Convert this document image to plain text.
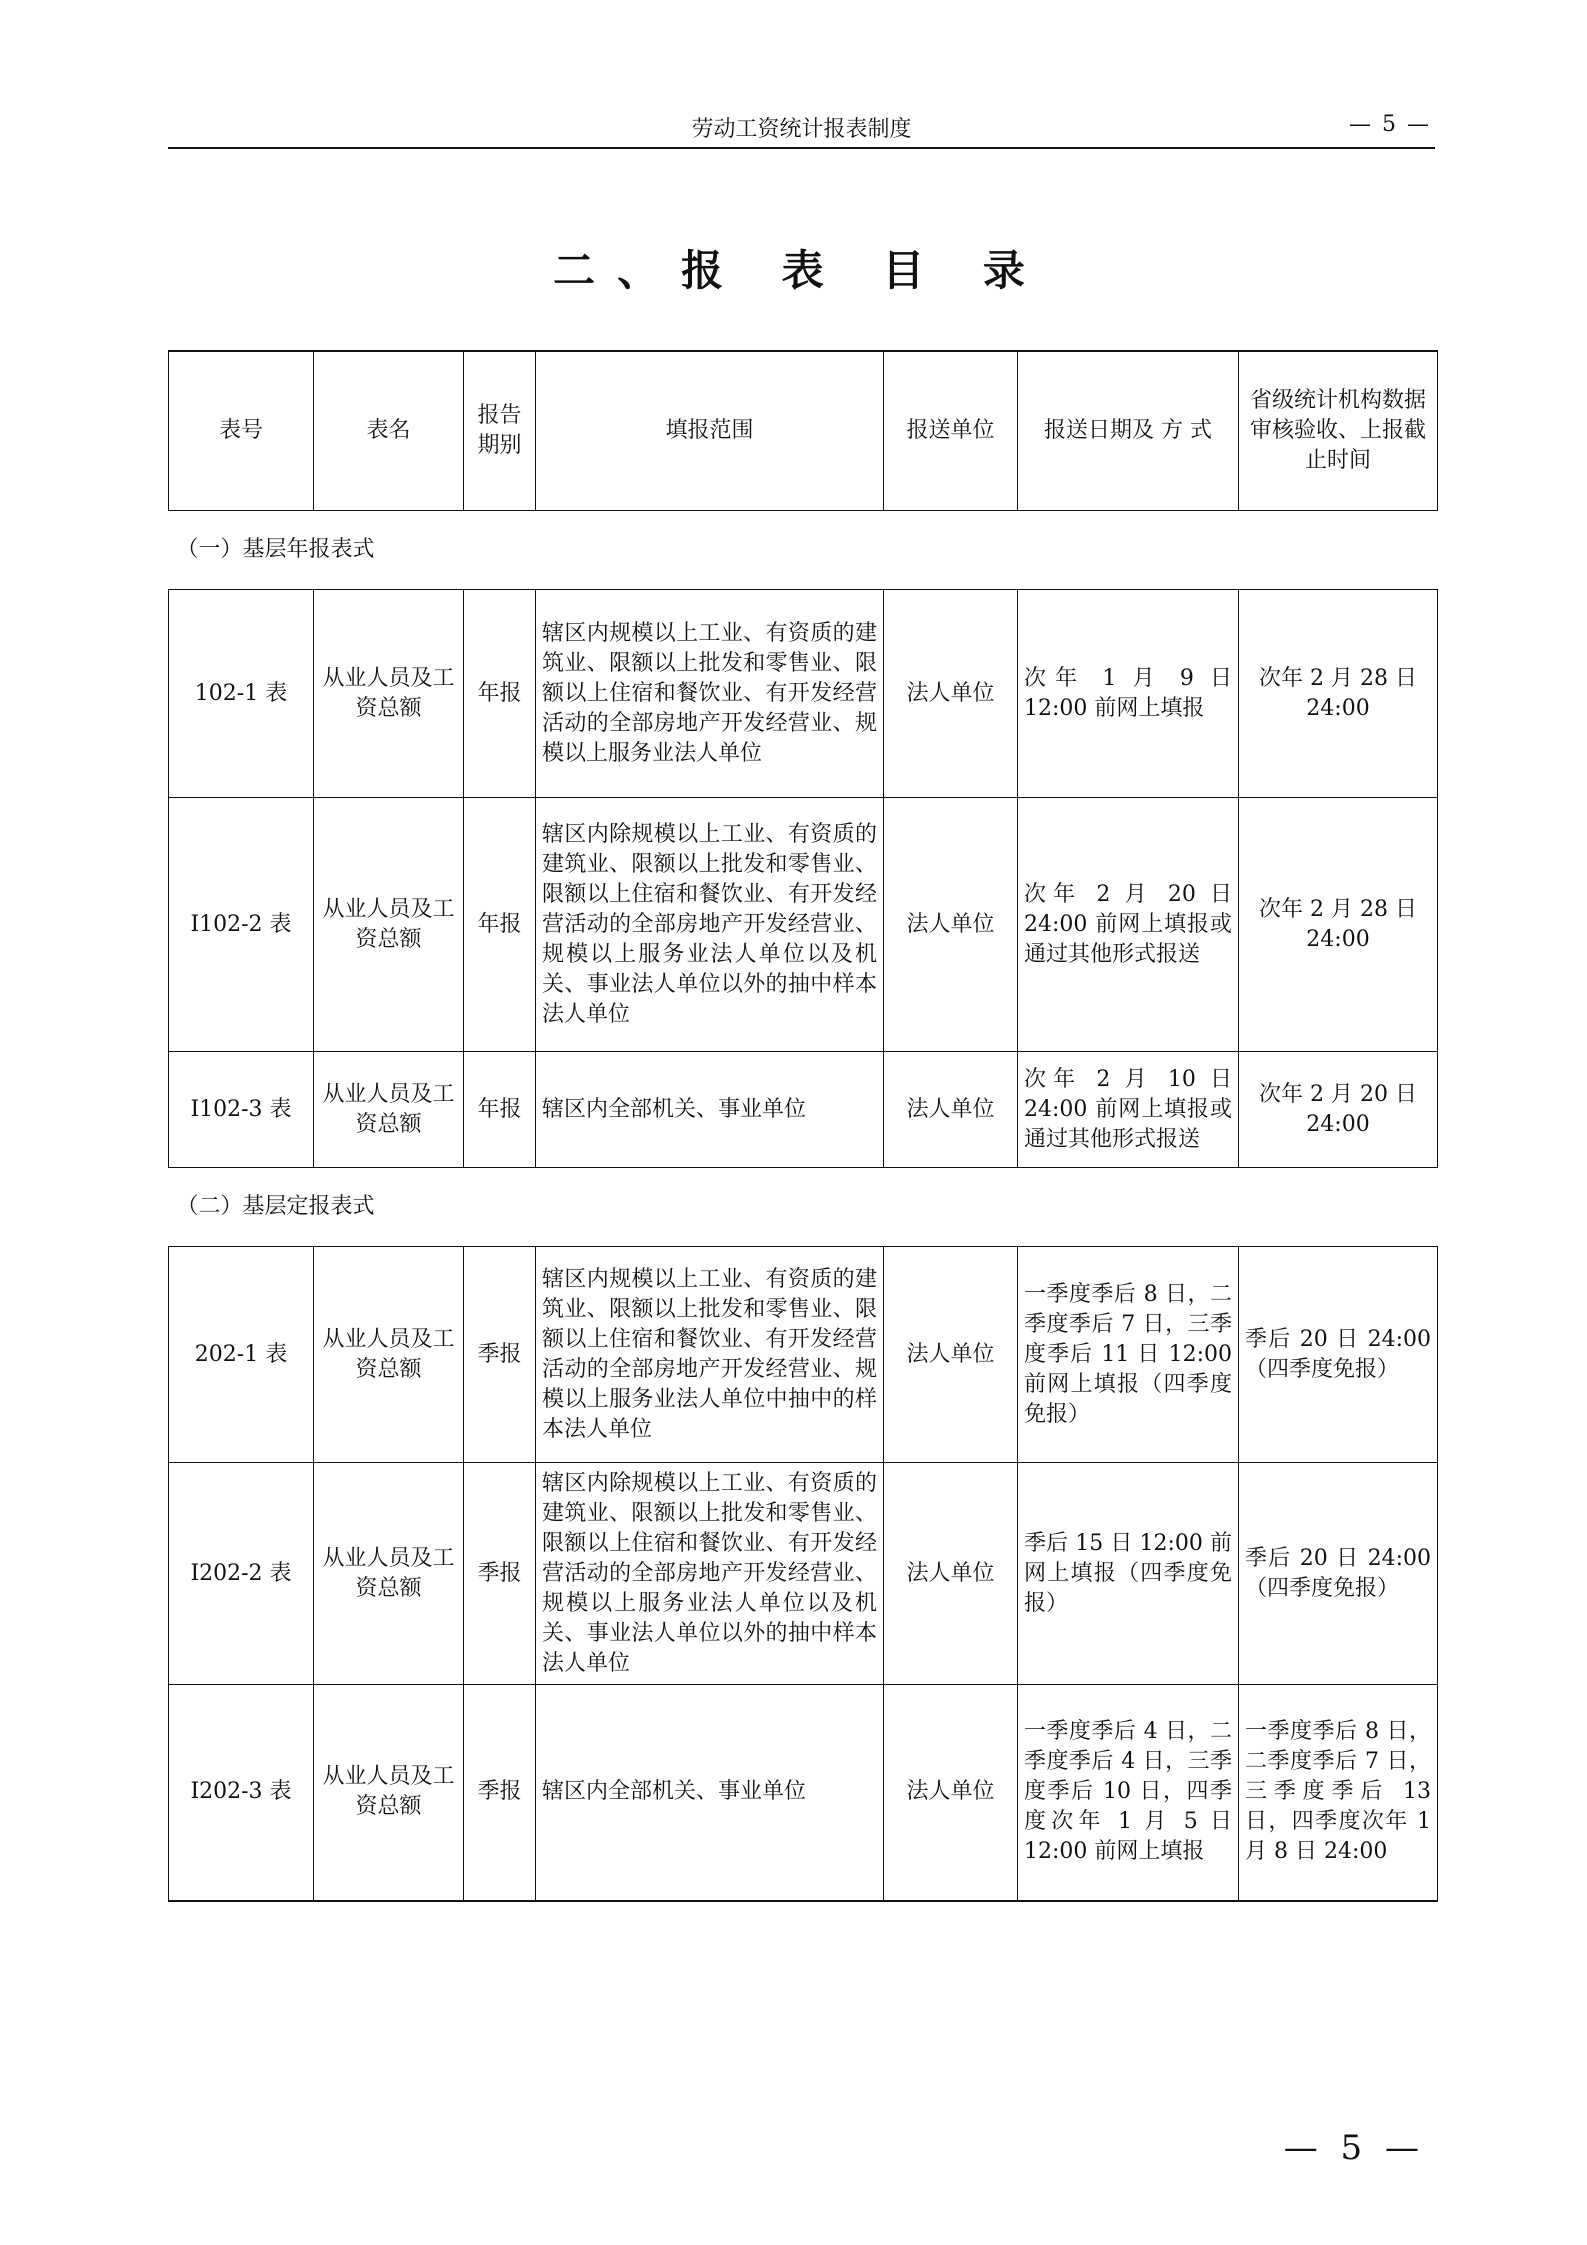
劳动工资统计报表制度	— 5 —
二、报 表 目 录
表号	表名	报告期别	填报范围	报送单位	报送日期及 方 式	省级统计机构数据审核验收、上报截止时间
（一）基层年报表式						
102-1 表	从业人员及工资总额	年报	辖区内规模以上工业、有资质的建筑业、限额以上批发和零售业、限额以上住宿和餐饮业、有开发经营活动的全部房地产开发经营业、规模以上服务业法人单位	法人单位	次年 1 月 9 日 12:00 前网上填报	次年 2 月 28 日 24:00
I102-2 表	从业人员及工资总额	年报	辖区内除规模以上工业、有资质的建筑业、限额以上批发和零售业、限额以上住宿和餐饮业、有开发经营活动的全部房地产开发经营业、规模以上服务业法人单位以及机关、事业法人单位以外的抽中样本法人单位	法人单位	次年 2 月 20 日 24:00 前网上填报或通过其他形式报送	次年 2 月 28 日 24:00
I102-3 表	从业人员及工资总额	年报	辖区内全部机关、事业单位	法人单位	次年 2 月 10 日 24:00 前网上填报或通过其他形式报送	次年 2 月 20 日 24:00
（二）基层定报表式						
202-1 表	从业人员及工资总额	季报	辖区内规模以上工业、有资质的建筑业、限额以上批发和零售业、限额以上住宿和餐饮业、有开发经营活动的全部房地产开发经营业、规模以上服务业法人单位中抽中的样本法人单位	法人单位	一季度季后 8 日，二季度季后 7 日，三季度季后 11 日 12:00 前网上填报（四季度免报）	季后 20 日 24:00（四季度免报）
I202-2 表	从业人员及工资总额	季报	辖区内除规模以上工业、有资质的建筑业、限额以上批发和零售业、限额以上住宿和餐饮业、有开发经营活动的全部房地产开发经营业、规模以上服务业法人单位以及机关、事业法人单位以外的抽中样本法人单位	法人单位	季后 15 日 12:00 前网上填报（四季度免报）	季后 20 日 24:00（四季度免报）
I202-3 表	从业人员及工资总额	季报	辖区内全部机关、事业单位	法人单位	一季度季后 4 日，二季度季后 4 日，三季度季后 10 日，四季度次年 1 月 5 日 12:00 前网上填报	一季度季后 8 日，二季度季后 7 日，三季度季后 13 日，四季度次年 1 月 8 日 24:00
— 5 —
